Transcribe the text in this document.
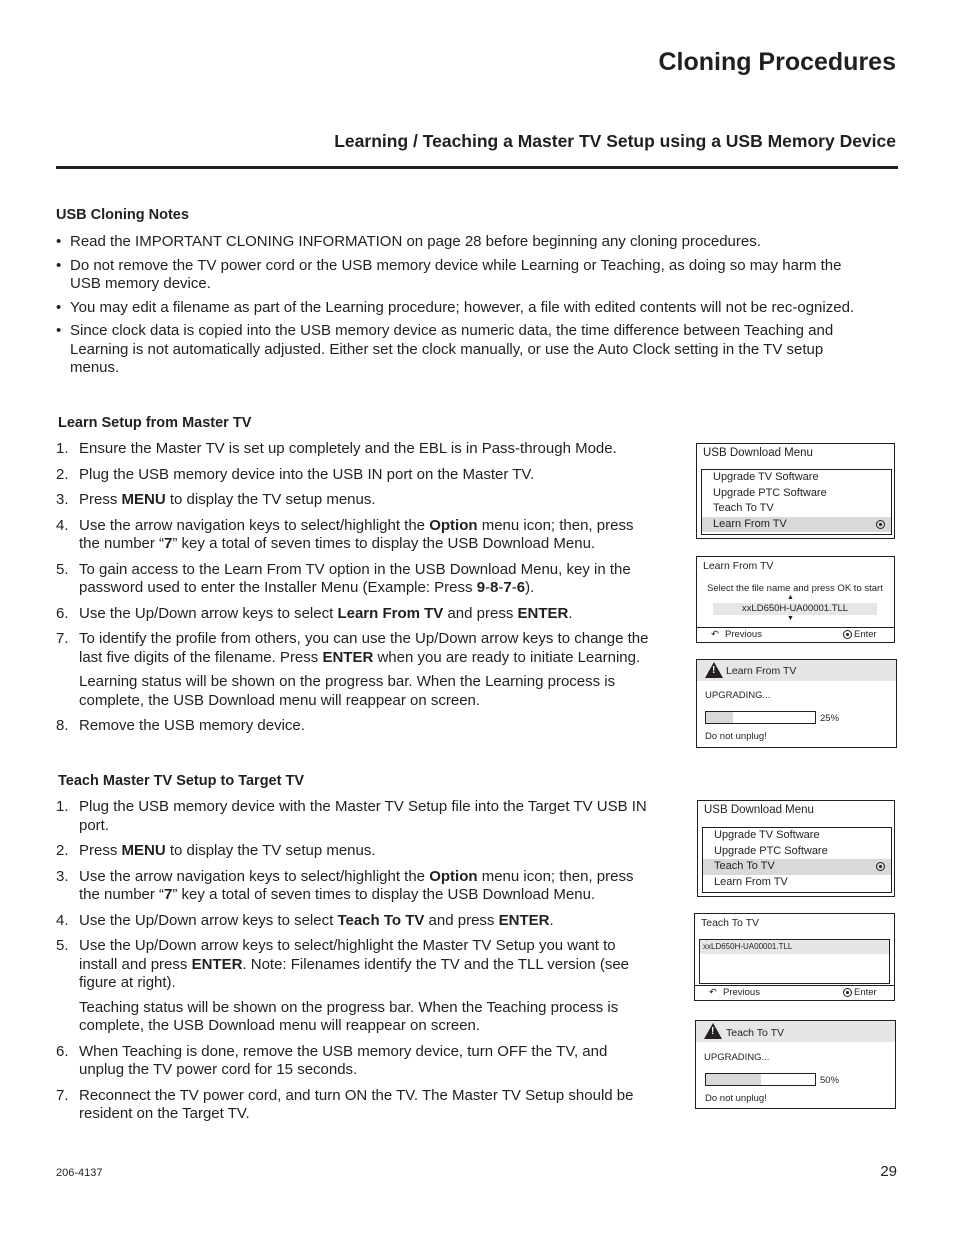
Cloning Procedures
Learning / Teaching a Master TV Setup using a USB Memory Device
USB Cloning Notes
• Read the IMPORTANT CLONING INFORMATION on page 28 before beginning any cloning procedures.
• Do not remove the TV power cord or the USB memory device while Learning or Teaching, as doing so may harm the USB memory device.
• You may edit a filename as part of the Learning procedure; however, a file with edited contents will not be rec-ognized.
• Since clock data is copied into the USB memory device as numeric data, the time difference between Teaching and Learning is not automatically adjusted. Either set the clock manually, or use the Auto Clock setting in the TV setup menus.
Learn Setup from Master TV
1. Ensure the Master TV is set up completely and the EBL is in Pass-through Mode.
2. Plug the USB memory device into the USB IN port on the Master TV.
3. Press MENU to display the TV setup menus.
4. Use the arrow navigation keys to select/highlight the Option menu icon; then, press the number “7” key a total of seven times to display the USB Download Menu.
5. To gain access to the Learn From TV option in the USB Download Menu, key in the password used to enter the Installer Menu (Example: Press 9-8-7-6).
6. Use the Up/Down arrow keys to select Learn From TV and press ENTER.
7. To identify the profile from others, you can use the Up/Down arrow keys to change the last five digits of the filename. Press ENTER when you are ready to initiate Learning.
Learning status will be shown on the progress bar. When the Learning process is complete, the USB Download menu will reappear on screen.
8. Remove the USB memory device.
Teach Master TV Setup to Target TV
1. Plug the USB memory device with the Master TV Setup file into the Target TV USB IN port.
2. Press MENU to display the TV setup menus.
3. Use the arrow navigation keys to select/highlight the Option menu icon; then, press the number “7” key a total of seven times to display the USB Download Menu.
4. Use the Up/Down arrow keys to select Teach To TV and press ENTER.
5. Use the Up/Down arrow keys to select/highlight the Master TV Setup you want to install and press ENTER. Note: Filenames identify the TV and the TLL version (see figure at right).
Teaching status will be shown on the progress bar. When the Teaching process is complete, the USB Download menu will reappear on screen.
6. When Teaching is done, remove the USB memory device, turn OFF the TV, and unplug the TV power cord for 15 seconds.
7. Reconnect the TV power cord, and turn ON the TV. The Master TV Setup should be resident on the Target TV.
USB Download Menu
Upgrade TV Software
Upgrade PTC Software
Teach To TV
Learn From TV
Learn From TV
Select the file name and press OK to start
▲
xxLD650H-UA00001.TLL
▼
↶ Previous	Enter
! Learn From TV
UPGRADING...
25%
Do not unplug!
USB Download Menu
Upgrade TV Software
Upgrade PTC Software
Teach To TV
Learn From TV
Teach To TV
xxLD650H-UA00001.TLL
↶ Previous	Enter
! Teach To TV
UPGRADING...
50%
Do not unplug!
206-4137	29
